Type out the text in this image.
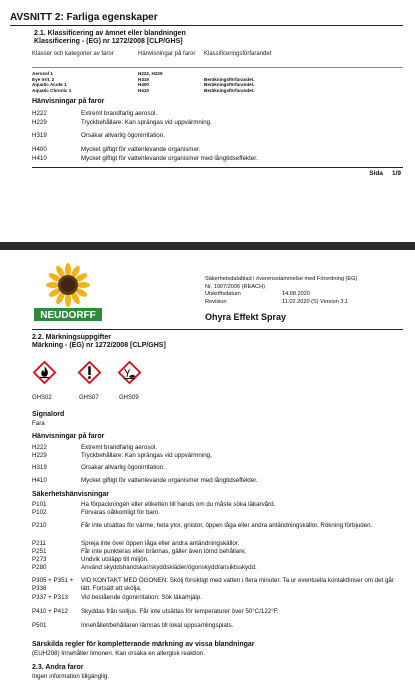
AVSNITT 2: Farliga egenskaper
2.1. Klassificering av ämnet eller blandningen
Klassificering - (EG) nr 1272/2008 [CLP/GHS]
Klasser och kategorier av faror	Hänvisningar på faror	Klassificeringsförfarandet
Aerosol 1	H222, H229
Eye Irrit. 2	H319	Beräkningsförfarandet.
Aquatic Acute 1	H400	Beräkningsförfarandet.
Aquatic Chronic 1	H410	Beräkningsförfarandet.
Hänvisningar på faror
H222	Extremt brandfarlig aerosol.
H229	Tryckbehållare: Kan sprängas vid uppvärmning.
H319	Orsakar allvarlig ögonirritation.
H400	Mycket giftigt för vattenlevande organismer.
H410	Mycket giftigt för vattenlevande organismer med långtidseffekter.
Sida 1/9
NEUDORFF
Säkerhetsdatablad i överensstämmelse med Förordning (EG)
Nr. 1907/2006 (REACH)
Utskriftsdatum	14.08.2020
Revision	11.02.2020 (S) Version 3.1
Ohyra Effekt Spray
2.2. Märkningsuppgifter
Märkning - (EG) nr 1272/2008 [CLP/GHS]
GHS02	GHS07	GHS09
Signalord
Fara
Hänvisningar på faror
H222	Extremt brandfarlig aerosol.
H229	Tryckbehållare: Kan sprängas vid uppvärmning.
H319	Orsakar allvarlig ögonirritation.
H410	Mycket giftigt för vattenlevande organismer med långtidseffekter.
Säkerhetshänvisningar
P101	Ha förpackningen eller etiketten till hands om du måste söka läkarvård.
P102	Förvaras oåtkomligt för barn.
P210	Får inte utsättas för värme, heta ytor, gnistor, öppen låga eller andra antändningskällor. Rökning förbjuden.
P211	Spreja inte över öppen låga eller andra antändningskällor.
P251	Får inte punkteras eller brännas, gäller även tömd behållare.
P273	Undvik utsläpp till miljön.
P280	Använd skyddshandskar/skyddskläder/ögonskydd/ansiktsskydd.
P305 + P351 + P338
VID KONTAKT MED ÖGONEN: Skölj försiktigt med vatten i flera minuter. Ta ur eventuella kontaktlinser om det går lätt. Fortsätt att skölja.
P337 + P313 Vid bestående ögonirritation: Sök läkarhjälp.
P410 + P412 Skyddas från solljus. Får inte utsättas för temperaturer över 50°C/122°F.
P501	Innehållet/behållaren lämnas till lokal uppsamlingsplats.
Särskilda regler för kompletterande märkning av vissa blandningar
(EUH208) Innehåller limonen. Kan orsaka en allergisk reaktion.
2.3. Andra faror
Ingen information tillgänglig.
